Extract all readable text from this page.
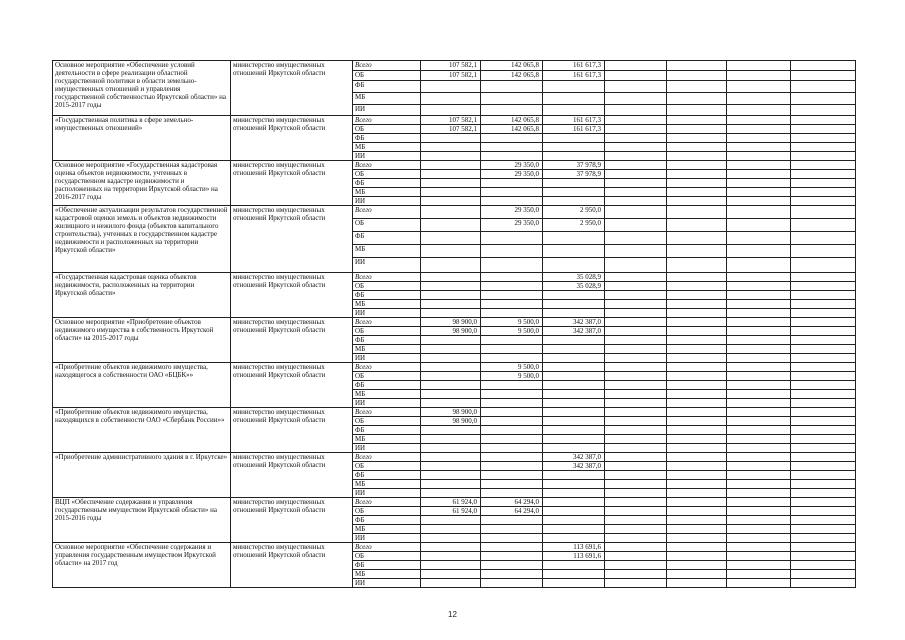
Основное мероприятие «Обеспечение условий деятельности в сфере реализации областной государственной политики в области земельно-имущественных отношений и управления государственной собственностью Иркутской области» на 2015-2017 годы	министерство имущественных отношений Иркутской области	Всего	107 582,1	142 065,8	161 617,3				
		ОБ	107 582,1	142 065,8	161 617,3				
		ФБ							
		МБ							
		ИИ							
«Государственная политика в сфере земельно-имущественных отношений»	министерство имущественных отношений Иркутской области	Всего	107 582,1	142 065,8	161 617,3				
		ОБ	107 582,1	142 065,8	161 617,3				
		ФБ							
		МБ							
		ИИ							
Основное мероприятие «Государственная кадастровая оценка объектов недвижимости, учтенных в государственном кадастре недвижимости и расположенных на территории Иркутской области» на 2016-2017 годы	министерство имущественных отношений Иркутской области	Всего		29 350,0	37 978,9				
		ОБ		29 350,0	37 978,9				
		ФБ							
		МБ							
		ИИ							
«Обеспечение актуализации результатов государственной кадастровой оценки земель и объектов недвижимости жилищного и нежилого фонда (объектов капитального строительства), учтенных в государственном кадастре недвижимости и расположенных на территории Иркутской области»	министерство имущественных отношений Иркутской области	Всего		29 350,0	2 950,0				
		ОБ		29 350,0	2 950,0				
		ФБ							
		МБ							
		ИИ							
«Государственная кадастровая оценка объектов недвижимости, расположенных на территории Иркутской области»	министерство имущественных отношений Иркутской области	Всего			35 028,9				
		ОБ			35 028,9				
		ФБ							
		МБ							
		ИИ							
Основное мероприятие «Приобретение объектов недвижимого имущества в собственность Иркутской области» на 2015-2017 годы	министерство имущественных отношений Иркутской области	Всего	98 900,0	9 500,0	342 387,0				
		ОБ	98 900,0	9 500,0	342 387,0				
		ФБ							
		МБ							
		ИИ							
«Приобретение объектов недвижимого имущества, находящегося в собственности ОАО «БЦБК»»	министерство имущественных отношений Иркутской области	Всего		9 500,0					
		ОБ		9 500,0					
		ФБ							
		МБ							
		ИИ							
«Приобретение объектов недвижимого имущества, находящихся в собственности ОАО «Сбербанк России»»	министерство имущественных отношений Иркутской области	Всего	98 900,0						
		ОБ	98 900,0						
		ФБ							
		МБ							
		ИИ							
«Приобретение административного здания в г. Иркутске»	министерство имущественных отношений Иркутской области	Всего			342 387,0				
		ОБ			342 387,0				
		ФБ							
		МБ							
		ИИ							
ВЦП «Обеспечение содержания и управления государственным имуществом Иркутской области» на 2015-2016 годы	министерство имущественных отношений Иркутской области	Всего	61 924,0	64 294,0					
		ОБ	61 924,0	64 294,0					
		ФБ							
		МБ							
		ИИ							
Основное мероприятие «Обеспечение содержания и управления государственным имуществом Иркутской области» на 2017 год	министерство имущественных отношений Иркутской области	Всего			113 691,6				
		ОБ			113 691,6				
		ФБ							
		МБ							
		ИИ							
12
